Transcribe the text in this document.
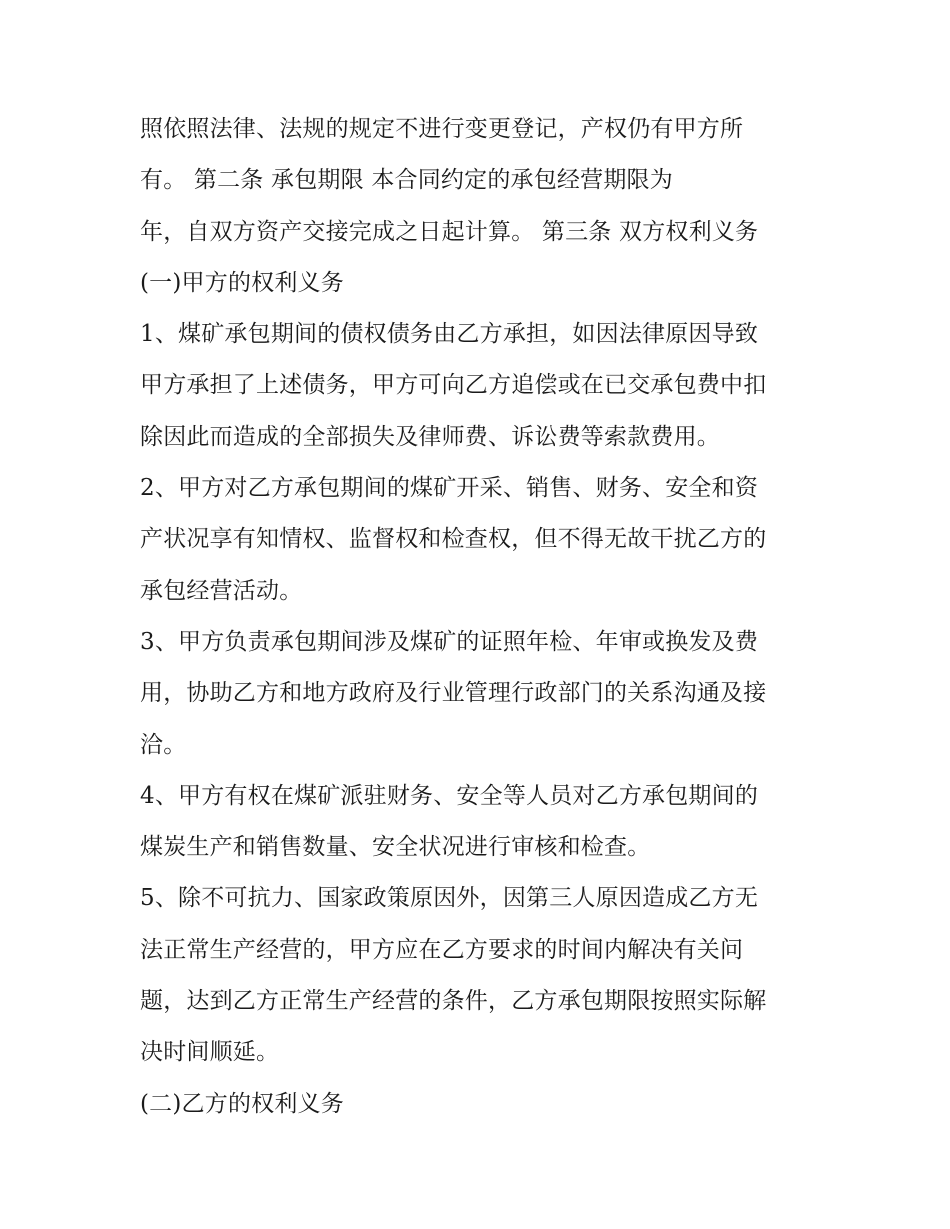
照依照法律、法规的规定不进行变更登记，产权仍有甲方所
有。 第二条 承包期限 本合同约定的承包经营期限为
年，自双方资产交接完成之日起计算。 第三条 双方权利义务
(一)甲方的权利义务
1、煤矿承包期间的债权债务由乙方承担，如因法律原因导致
甲方承担了上述债务，甲方可向乙方追偿或在已交承包费中扣
除因此而造成的全部损失及律师费、诉讼费等索款费用。
2、甲方对乙方承包期间的煤矿开采、销售、财务、安全和资
产状况享有知情权、监督权和检查权，但不得无故干扰乙方的
承包经营活动。
3、甲方负责承包期间涉及煤矿的证照年检、年审或换发及费
用，协助乙方和地方政府及行业管理行政部门的关系沟通及接
洽。
4、甲方有权在煤矿派驻财务、安全等人员对乙方承包期间的
煤炭生产和销售数量、安全状况进行审核和检查。
5、除不可抗力、国家政策原因外，因第三人原因造成乙方无
法正常生产经营的，甲方应在乙方要求的时间内解决有关问
题，达到乙方正常生产经营的条件，乙方承包期限按照实际解
决时间顺延。
(二)乙方的权利义务
